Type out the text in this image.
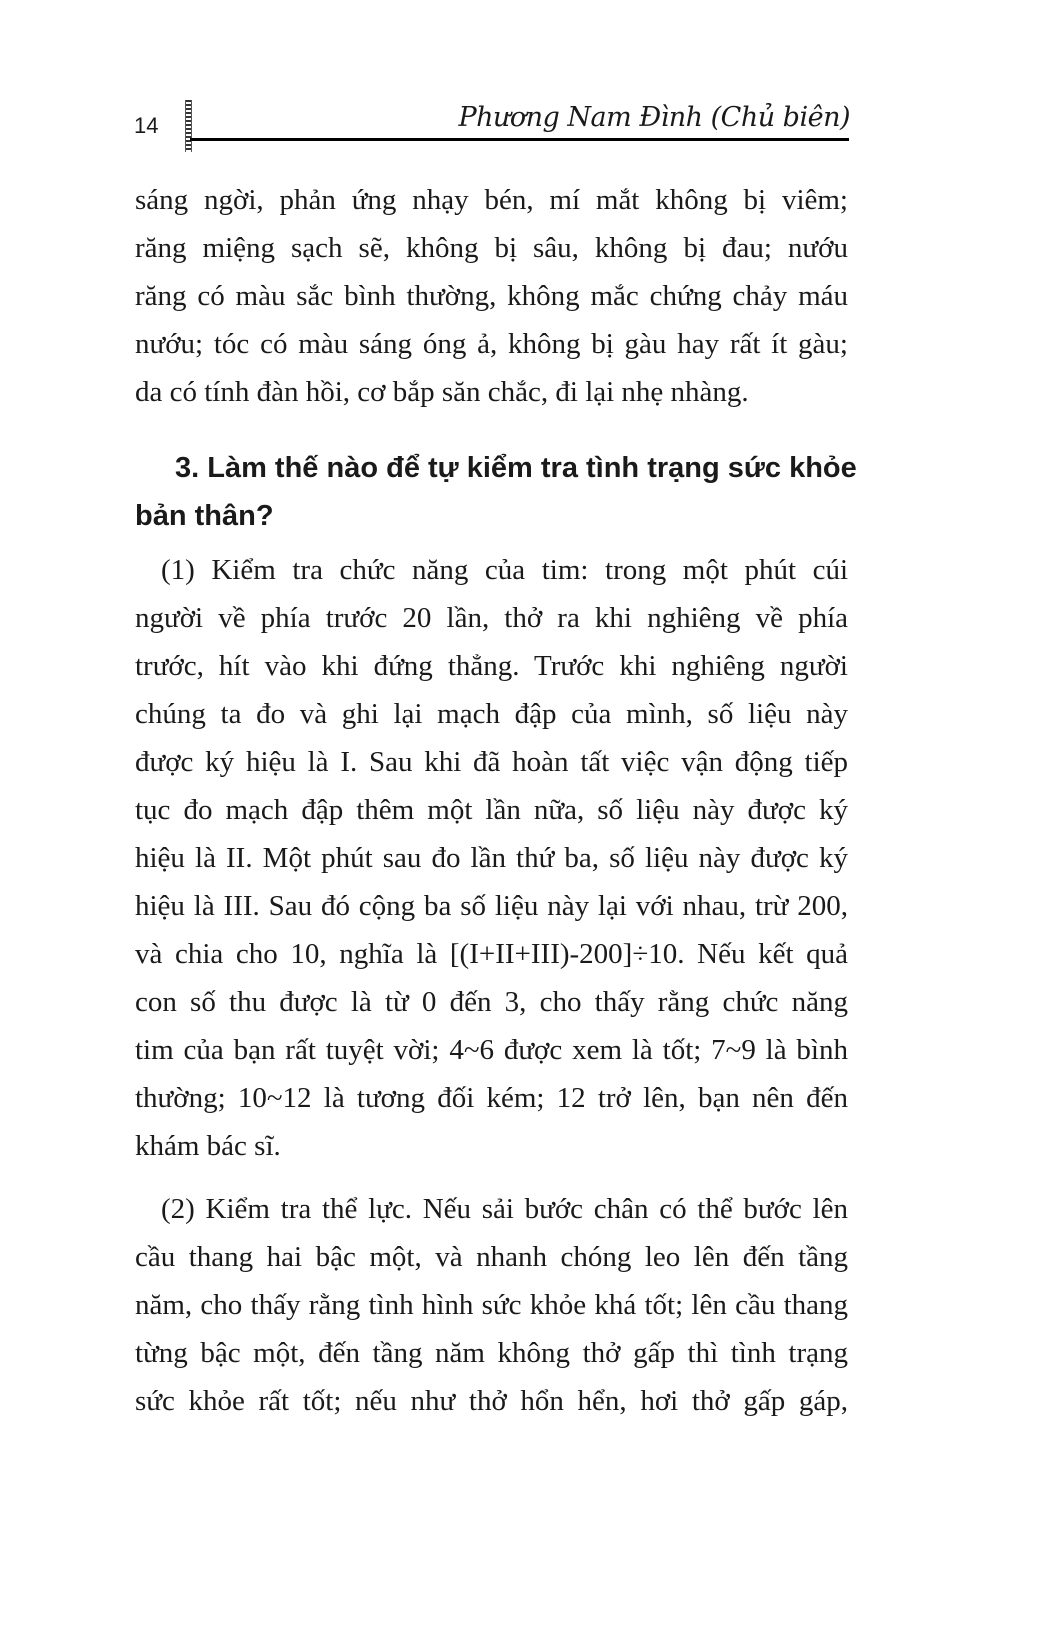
14	Phương Nam Đình (Chủ biên)
sáng ngời, phản ứng nhạy bén, mí mắt không bị viêm;
răng miệng sạch sẽ, không bị sâu, không bị đau; nướu
răng có màu sắc bình thường, không mắc chứng chảy máu
nướu; tóc có màu sáng óng ả, không bị gàu hay rất ít gàu;
da có tính đàn hồi, cơ bắp săn chắc, đi lại nhẹ nhàng.
3. Làm thế nào để tự kiểm tra tình trạng sức khỏe
bản thân?
(1) Kiểm tra chức năng của tim: trong một phút cúi
người về phía trước 20 lần, thở ra khi nghiêng về phía
trước, hít vào khi đứng thẳng. Trước khi nghiêng người
chúng ta đo và ghi lại mạch đập của mình, số liệu này
được ký hiệu là I. Sau khi đã hoàn tất việc vận động tiếp
tục đo mạch đập thêm một lần nữa, số liệu này được ký
hiệu là II. Một phút sau đo lần thứ ba, số liệu này được ký
hiệu là III. Sau đó cộng ba số liệu này lại với nhau, trừ 200,
và chia cho 10, nghĩa là [(I+II+III)-200]÷10. Nếu kết quả
con số thu được là từ 0 đến 3, cho thấy rằng chức năng
tim của bạn rất tuyệt vời; 4~6 được xem là tốt; 7~9 là bình
thường; 10~12 là tương đối kém; 12 trở lên, bạn nên đến
khám bác sĩ.
(2) Kiểm tra thể lực. Nếu sải bước chân có thể bước lên
cầu thang hai bậc một, và nhanh chóng leo lên đến tầng
năm, cho thấy rằng tình hình sức khỏe khá tốt; lên cầu thang
từng bậc một, đến tầng năm không thở gấp thì tình trạng
sức khỏe rất tốt; nếu như thở hổn hển, hơi thở gấp gáp,
